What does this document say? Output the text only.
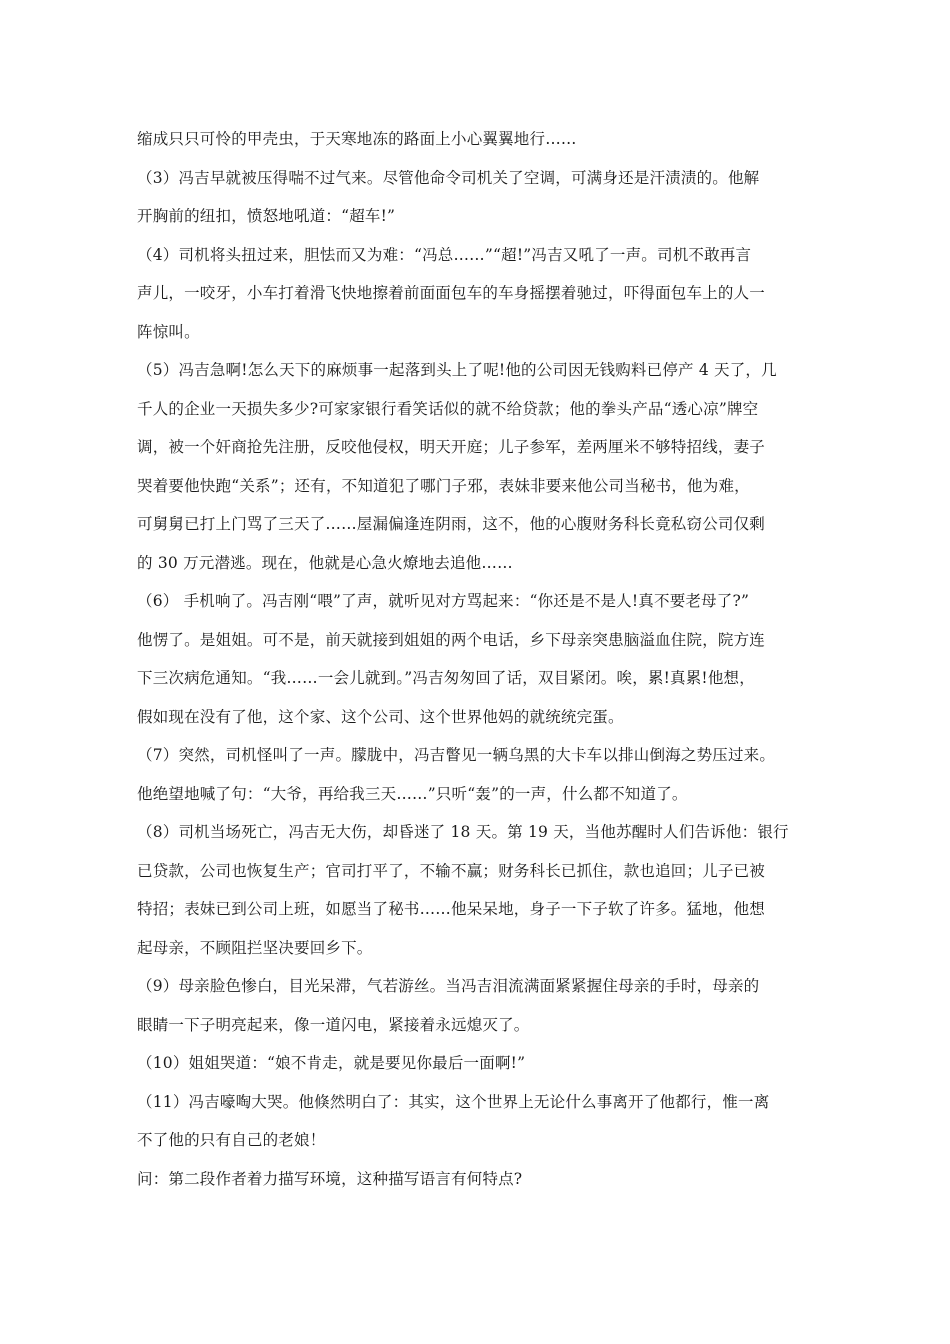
缩成只只可怜的甲壳虫，于天寒地冻的路面上小心翼翼地行……

（3）冯吉早就被压得喘不过气来。尽管他命令司机关了空调，可满身还是汗渍渍的。他解

开胸前的纽扣，愤怒地吼道：“超车!”

（4）司机将头扭过来，胆怯而又为难：“冯总……”“超!”冯吉又吼了一声。司机不敢再言

声儿，一咬牙，小车打着滑飞快地擦着前面面包车的车身摇摆着驰过，吓得面包车上的人一

阵惊叫。

（5）冯吉急啊!怎么天下的麻烦事一起落到头上了呢!他的公司因无钱购料已停产 4 天了，几

千人的企业一天损失多少?可家家银行看笑话似的就不给贷款；他的拳头产品“透心凉”牌空

调，被一个奸商抢先注册，反咬他侵权，明天开庭；儿子参军，差两厘米不够特招线，妻子

哭着要他快跑“关系”；还有，不知道犯了哪门子邪，表妹非要来他公司当秘书，他为难，

可舅舅已打上门骂了三天了……屋漏偏逢连阴雨，这不，他的心腹财务科长竟私窃公司仅剩

的 30 万元潜逃。现在，他就是心急火燎地去追他……

（6） 手机响了。冯吉刚“喂”了声，就听见对方骂起来：“你还是不是人!真不要老母了?”

他愣了。是姐姐。可不是，前天就接到姐姐的两个电话，乡下母亲突患脑溢血住院，院方连

下三次病危通知。“我……一会儿就到。”冯吉匆匆回了话，双目紧闭。唉，累!真累!他想，

假如现在没有了他，这个家、这个公司、这个世界他妈的就统统完蛋。

（7）突然，司机怪叫了一声。朦胧中，冯吉瞥见一辆乌黑的大卡车以排山倒海之势压过来。

他绝望地喊了句：“大爷，再给我三天……”只听“轰”的一声，什么都不知道了。

（8）司机当场死亡，冯吉无大伤，却昏迷了 18 天。第 19 天，当他苏醒时人们告诉他：银行

已贷款，公司也恢复生产；官司打平了，不输不赢；财务科长已抓住，款也追回；儿子已被

特招；表妹已到公司上班，如愿当了秘书……他呆呆地，身子一下子软了许多。猛地，他想

起母亲，不顾阻拦坚决要回乡下。

（9）母亲脸色惨白，目光呆滞，气若游丝。当冯吉泪流满面紧紧握住母亲的手时，母亲的

眼睛一下子明亮起来，像一道闪电，紧接着永远熄灭了。

（10）姐姐哭道：“娘不肯走，就是要见你最后一面啊!”

（11）冯吉嚎啕大哭。他倏然明白了：其实，这个世界上无论什么事离开了他都行，惟一离

不了他的只有自己的老娘！

问：第二段作者着力描写环境，这种描写语言有何特点?
